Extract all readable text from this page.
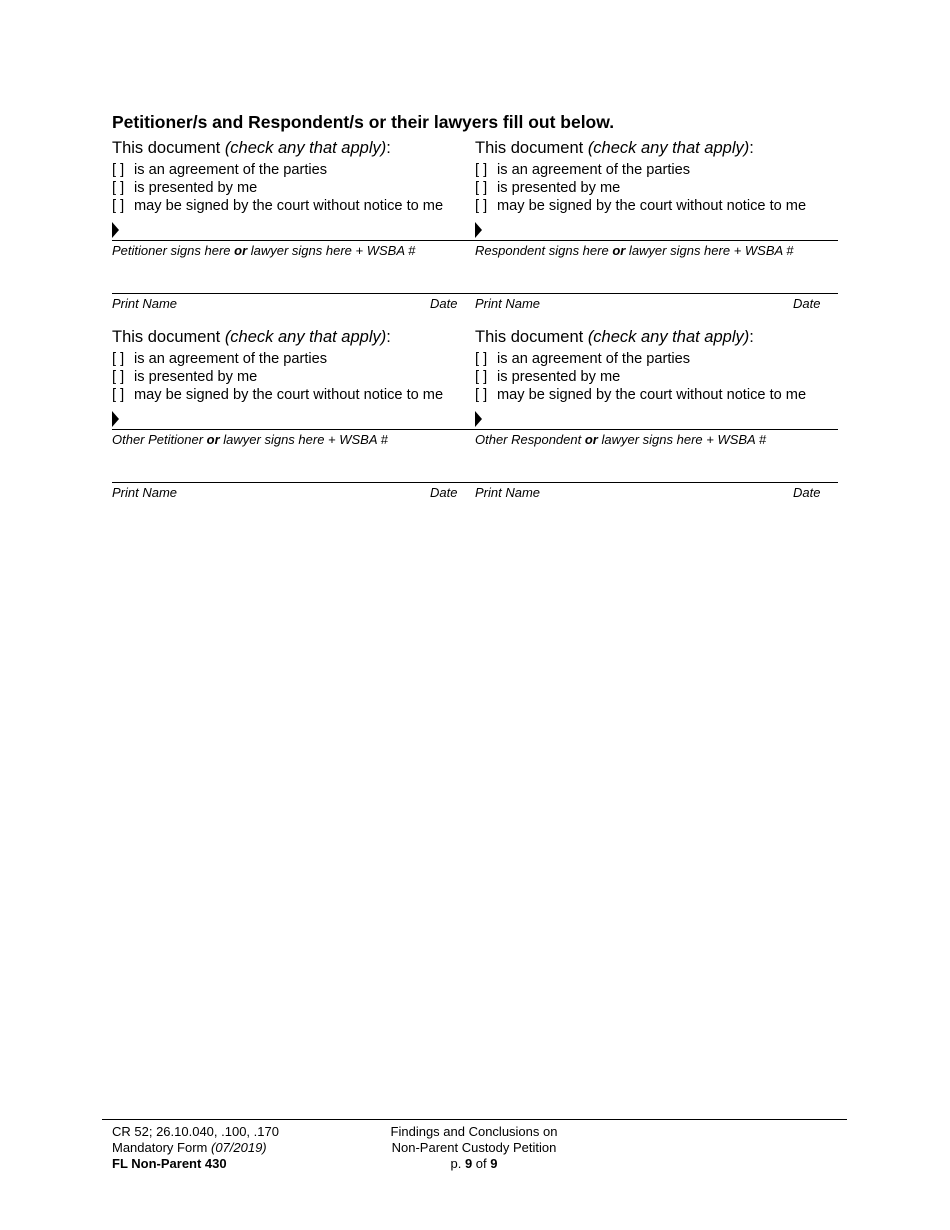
Petitioner/s and Respondent/s or their lawyers fill out below.
This document (check any that apply):
[ ] is an agreement of the parties
[ ] is presented by me
[ ] may be signed by the court without notice to me
Petitioner signs here or lawyer signs here + WSBA #
Print Name	Date
This document (check any that apply):
[ ] is an agreement of the parties
[ ] is presented by me
[ ] may be signed by the court without notice to me
Respondent signs here or lawyer signs here + WSBA #
Print Name	Date
This document (check any that apply):
[ ] is an agreement of the parties
[ ] is presented by me
[ ] may be signed by the court without notice to me
Other Petitioner or lawyer signs here + WSBA #
Print Name	Date
This document (check any that apply):
[ ] is an agreement of the parties
[ ] is presented by me
[ ] may be signed by the court without notice to me
Other Respondent or lawyer signs here + WSBA #
Print Name	Date
CR 52; 26.10.040, .100, .170
Mandatory Form (07/2019)
FL Non-Parent 430
Findings and Conclusions on
Non-Parent Custody Petition
p. 9 of 9
